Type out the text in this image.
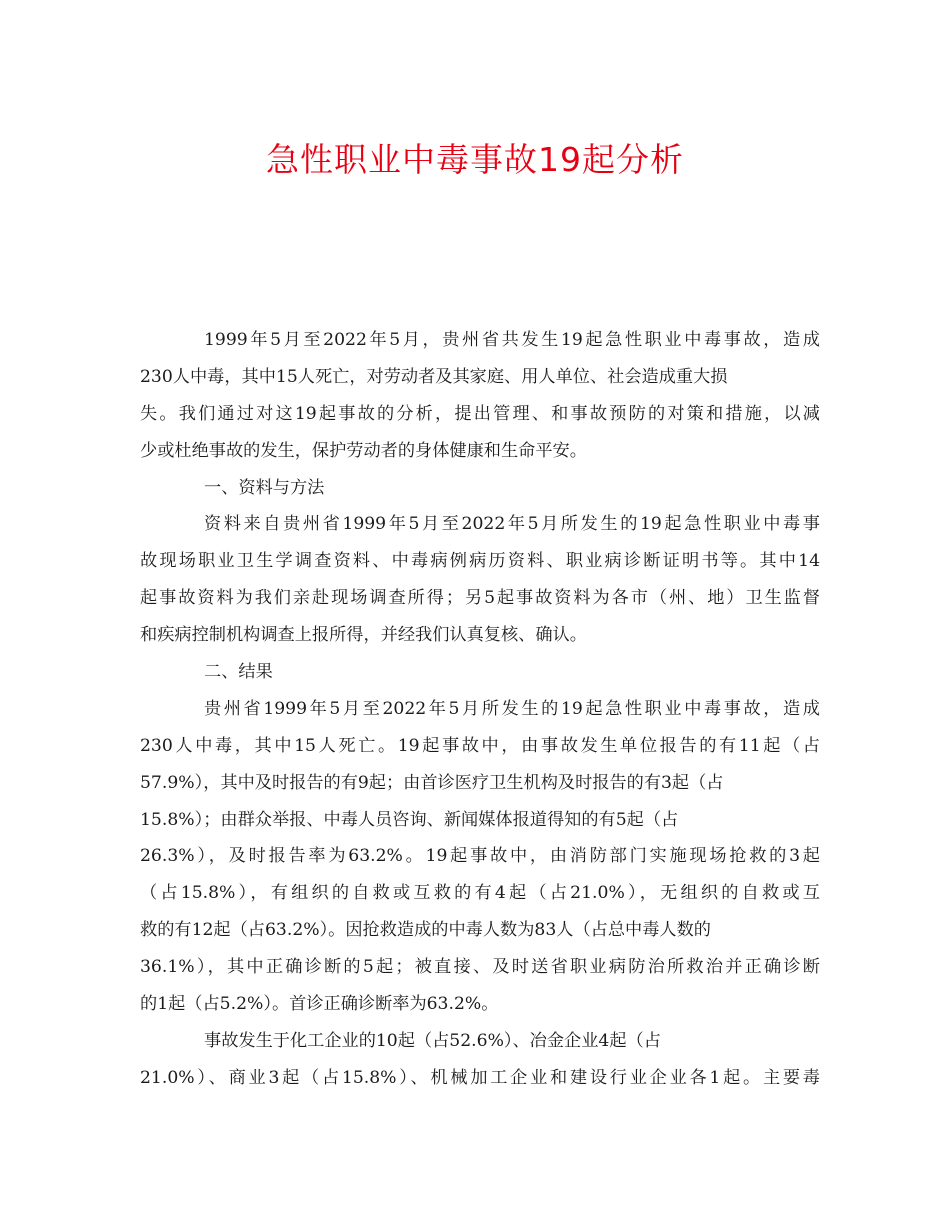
急性职业中毒事故19起分析
1999年5月至2022年5月，贵州省共发生19起急性职业中毒事故，造成
230人中毒，其中15人死亡，对劳动者及其家庭、用人单位、社会造成重大损
失。我们通过对这19起事故的分析，提出管理、和事故预防的对策和措施，以减
少或杜绝事故的发生，保护劳动者的身体健康和生命平安。
一、资料与方法
资料来自贵州省1999年5月至2022年5月所发生的19起急性职业中毒事
故现场职业卫生学调查资料、中毒病例病历资料、职业病诊断证明书等。其中14
起事故资料为我们亲赴现场调查所得；另5起事故资料为各市（州、地）卫生监督
和疾病控制机构调查上报所得，并经我们认真复核、确认。
二、结果
贵州省1999年5月至2022年5月所发生的19起急性职业中毒事故，造成
230人中毒，其中15人死亡。19起事故中，由事故发生单位报告的有11起（占
57.9%），其中及时报告的有9起；由首诊医疗卫生机构及时报告的有3起（占
15.8%）；由群众举报、中毒人员咨询、新闻媒体报道得知的有5起（占
26.3%），及时报告率为63.2%。19起事故中，由消防部门实施现场抢救的3起
（占15.8%），有组织的自救或互救的有4起（占21.0%），无组织的自救或互
救的有12起（占63.2%）。因抢救造成的中毒人数为83人（占总中毒人数的
36.1%），其中正确诊断的5起；被直接、及时送省职业病防治所救治并正确诊断
的1起（占5.2%）。首诊正确诊断率为63.2%。
事故发生于化工企业的10起（占52.6%）、冶金企业4起（占
21.0%）、商业3起（占15.8%）、机械加工企业和建设行业企业各1起。主要毒
